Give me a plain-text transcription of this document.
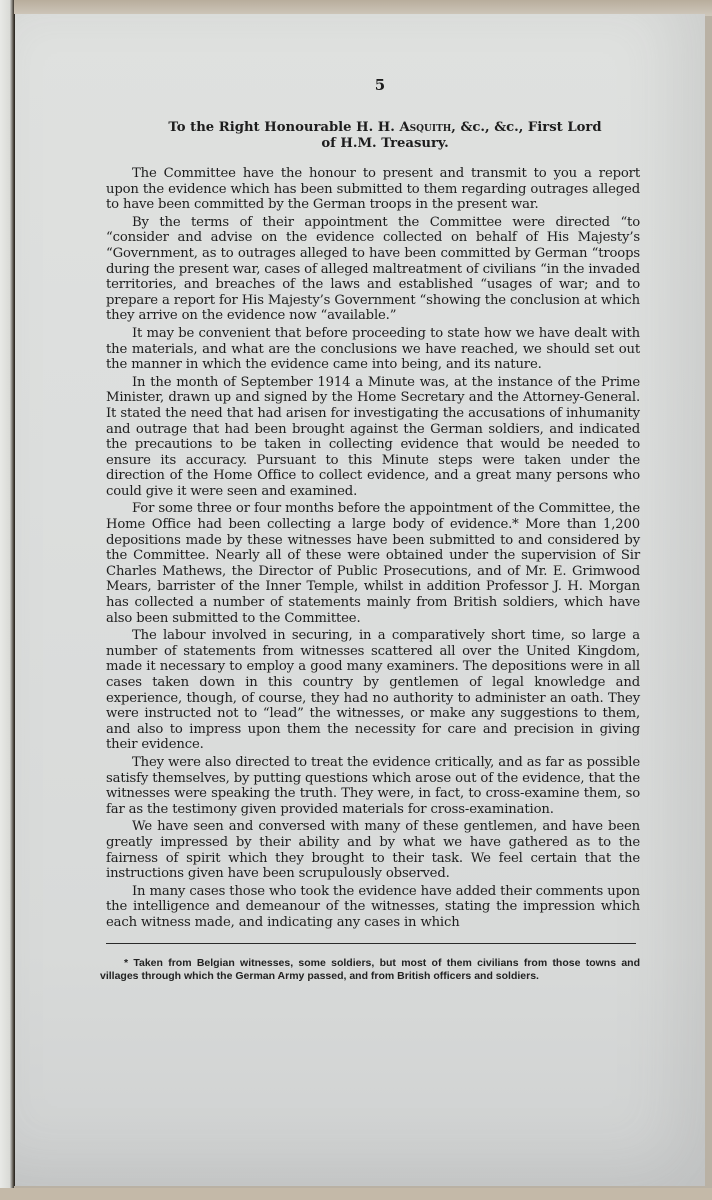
5
To the Right Honourable H. H. Asquith, &c., &c., First Lord
of H.M. Treasury.

The Committee have the honour to present and transmit to you a report upon the evidence which has been submitted to them regarding outrages alleged to have been committed by the German troops in the present war.

By the terms of their appointment the Committee were directed “to “consider and advise on the evidence collected on behalf of His Majesty’s “Government, as to outrages alleged to have been committed by German “troops during the present war, cases of alleged maltreatment of civilians “in the invaded territories, and breaches of the laws and established “usages of war; and to prepare a report for His Majesty’s Government “showing the conclusion at which they arrive on the evidence now “available.”

It may be convenient that before proceeding to state how we have dealt with the materials, and what are the conclusions we have reached, we should set out the manner in which the evidence came into being, and its nature.

In the month of September 1914 a Minute was, at the instance of the Prime Minister, drawn up and signed by the Home Secretary and the Attorney-General. It stated the need that had arisen for investigating the accusations of inhumanity and outrage that had been brought against the German soldiers, and indicated the precautions to be taken in collecting evidence that would be needed to ensure its accuracy. Pursuant to this Minute steps were taken under the direction of the Home Office to collect evidence, and a great many persons who could give it were seen and examined.

For some three or four months before the appointment of the Committee, the Home Office had been collecting a large body of evidence.* More than 1,200 depositions made by these witnesses have been submitted to and considered by the Committee. Nearly all of these were obtained under the supervision of Sir Charles Mathews, the Director of Public Prosecutions, and of Mr. E. Grimwood Mears, barrister of the Inner Temple, whilst in addition Professor J. H. Morgan has collected a number of statements mainly from British soldiers, which have also been submitted to the Committee.

The labour involved in securing, in a comparatively short time, so large a number of statements from witnesses scattered all over the United Kingdom, made it necessary to employ a good many examiners. The depositions were in all cases taken down in this country by gentlemen of legal knowledge and experience, though, of course, they had no authority to administer an oath. They were instructed not to “lead” the witnesses, or make any suggestions to them, and also to impress upon them the necessity for care and precision in giving their evidence.

They were also directed to treat the evidence critically, and as far as possible satisfy themselves, by putting questions which arose out of the evidence, that the witnesses were speaking the truth. They were, in fact, to cross-examine them, so far as the testimony given provided materials for cross-examination.

We have seen and conversed with many of these gentlemen, and have been greatly impressed by their ability and by what we have gathered as to the fairness of spirit which they brought to their task. We feel certain that the instructions given have been scrupulously observed.

In many cases those who took the evidence have added their comments upon the intelligence and demeanour of the witnesses, stating the impression which each witness made, and indicating any cases in which

* Taken from Belgian witnesses, some soldiers, but most of them civilians from those towns and villages through which the German Army passed, and from British officers and soldiers.
